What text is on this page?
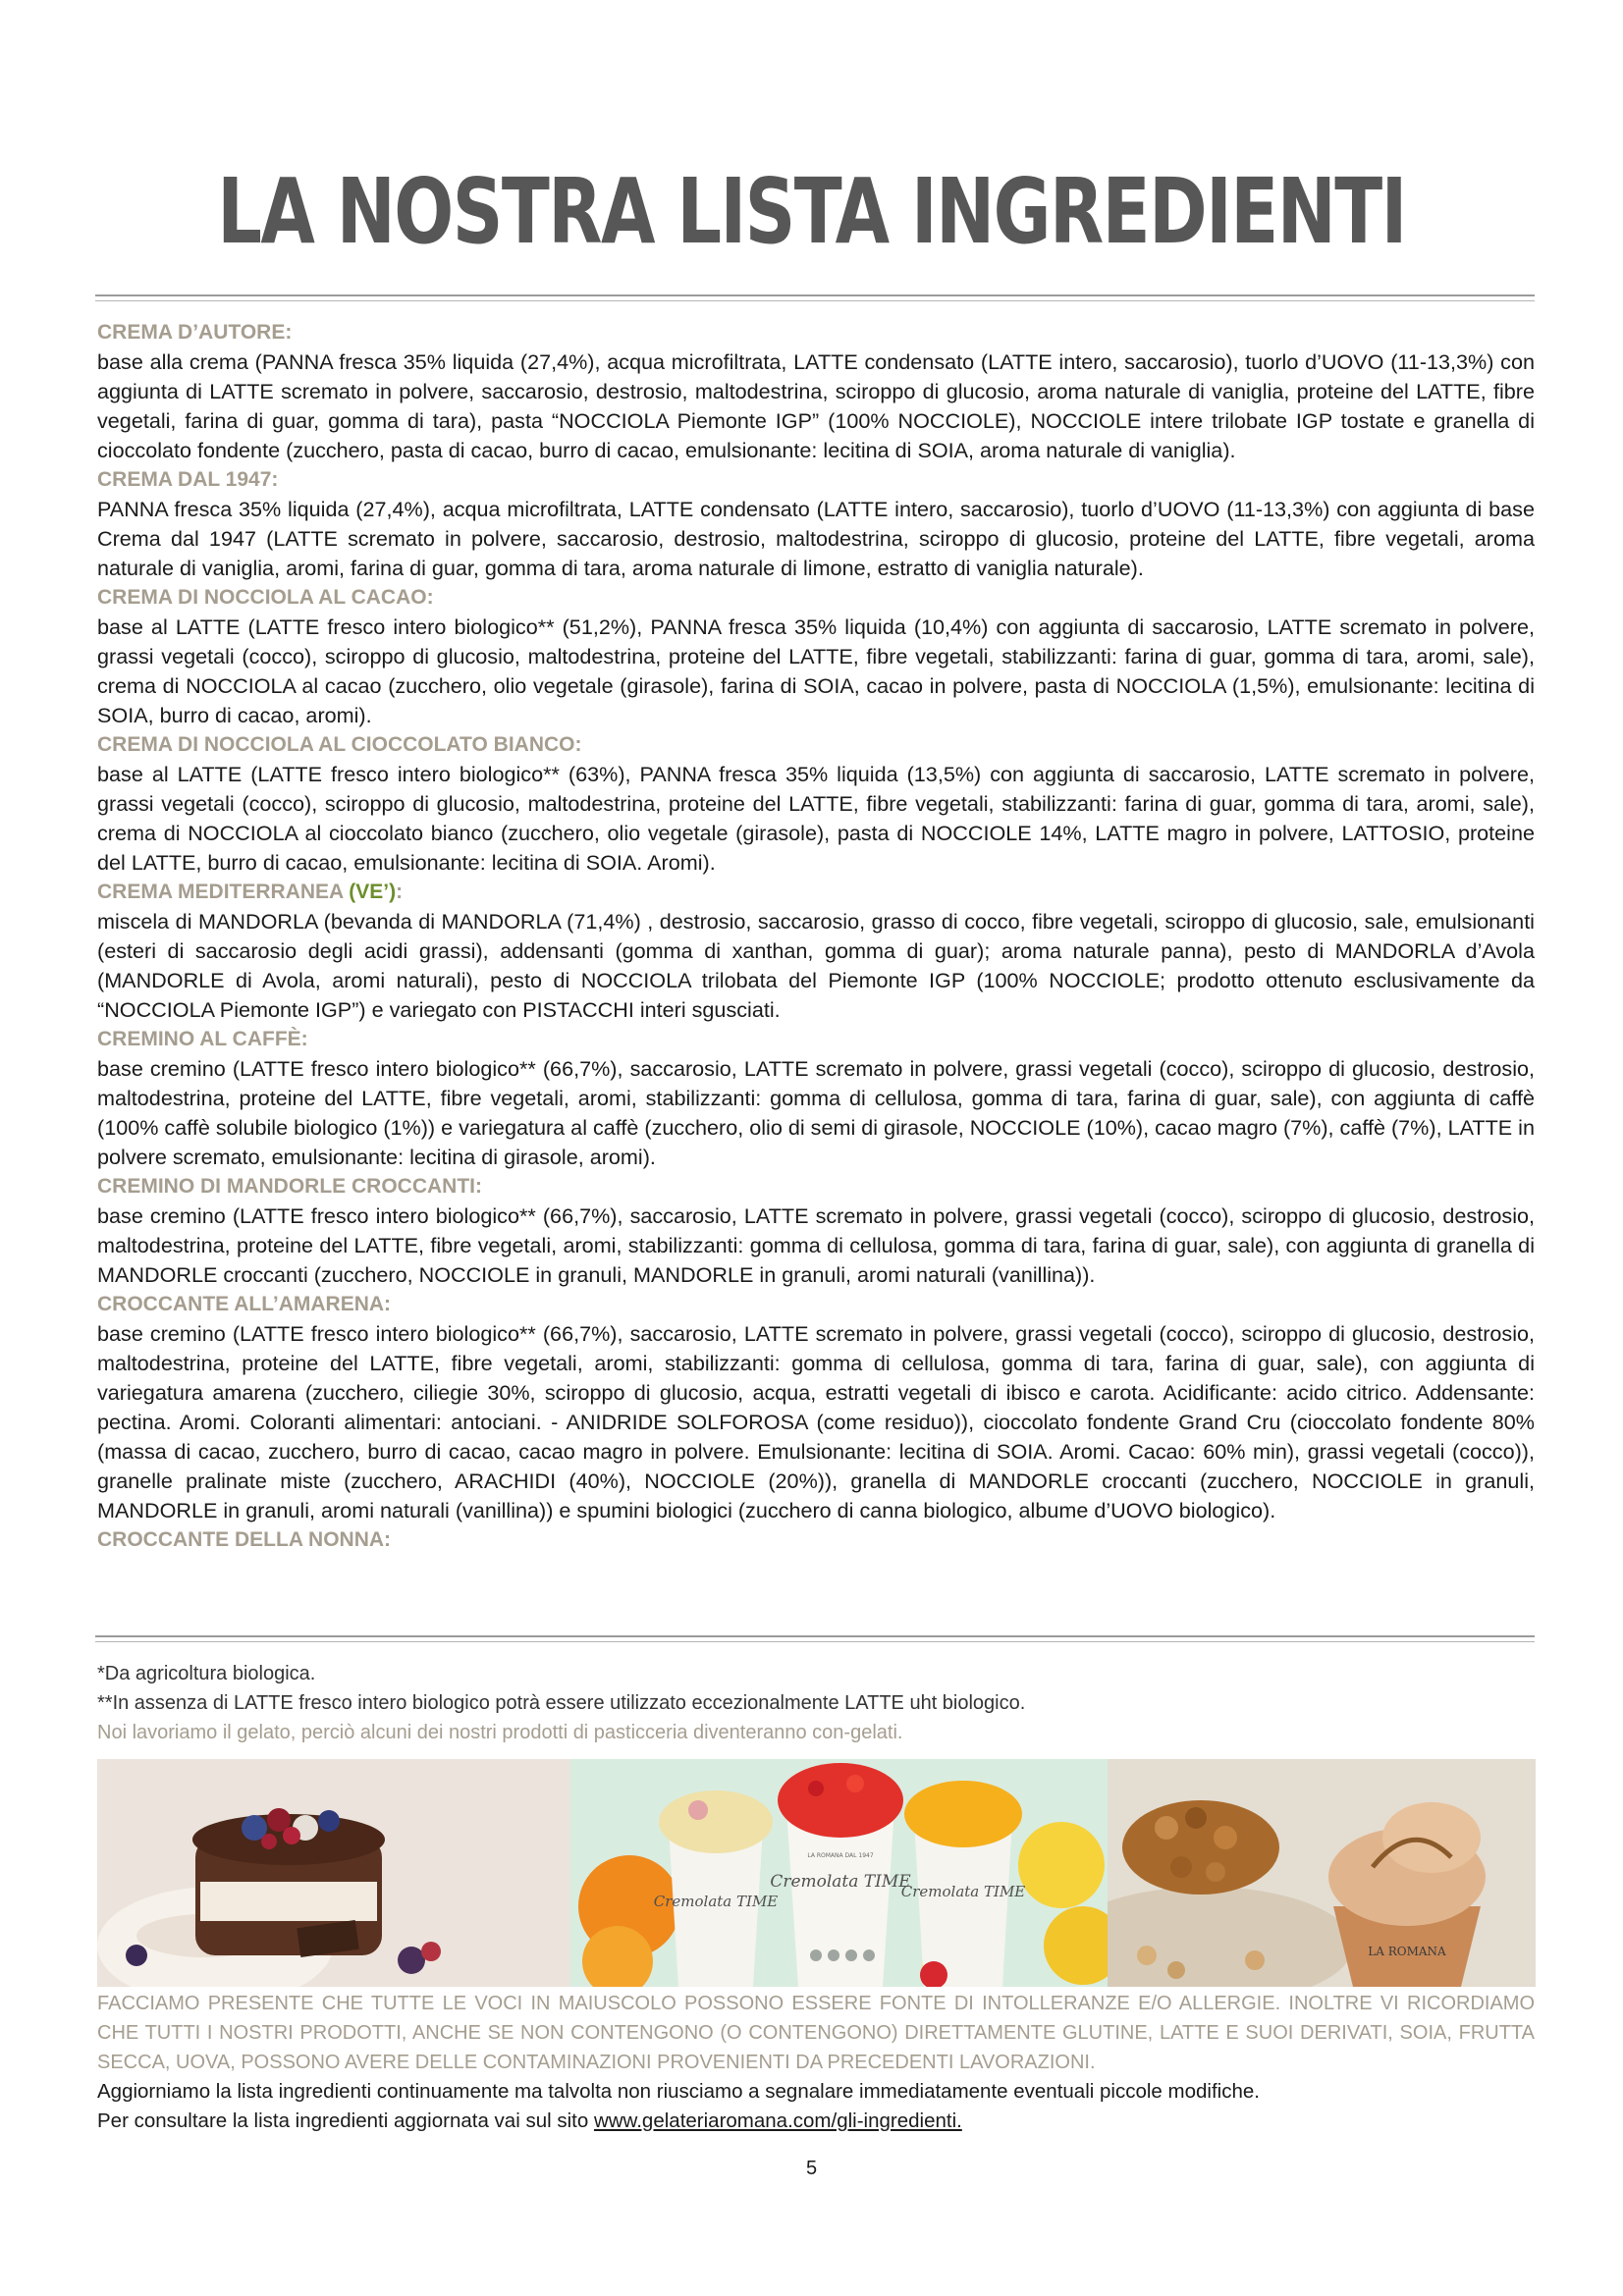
LA NOSTRA LISTA INGREDIENTI

CREMA D’AUTORE:

base alla crema (PANNA fresca 35% liquida (27,4%), acqua microfiltrata, LATTE condensato (LATTE intero, saccarosio), tuorlo d’UOVO (11-13,3%) con aggiunta di LATTE scremato in polvere, saccarosio, destrosio, maltodestrina, sciroppo di glucosio, aroma naturale di vaniglia, proteine del LATTE, fibre vegetali, farina di guar, gomma di tara), pasta “NOCCIOLA Piemonte IGP” (100% NOCCIOLE), NOCCIOLE intere trilobate IGP tostate e granella di cioccolato fondente (zucchero, pasta di cacao, burro di cacao, emulsionante: lecitina di SOIA, aroma naturale di vaniglia).

CREMA DAL 1947:

PANNA fresca 35% liquida (27,4%), acqua microfiltrata, LATTE condensato (LATTE intero, saccarosio), tuorlo d’UOVO (11-13,3%) con aggiunta di base Crema dal 1947 (LATTE scremato in polvere, saccarosio, destrosio, maltodestrina, sciroppo di glucosio, proteine del LATTE, fibre vegetali, aroma naturale di vaniglia, aromi, farina di guar, gomma di tara, aroma naturale di limone, estratto di vaniglia naturale).

CREMA DI NOCCIOLA AL CACAO:

base al LATTE (LATTE fresco intero biologico** (51,2%), PANNA fresca 35% liquida (10,4%) con aggiunta di saccarosio, LATTE scremato in polvere, grassi vegetali (cocco), sciroppo di glucosio, maltodestrina, proteine del LATTE, fibre vegetali, stabilizzanti: farina di guar, gomma di tara, aromi, sale), crema di NOCCIOLA al cacao (zucchero, olio vegetale (girasole), farina di SOIA, cacao in polvere, pasta di NOCCIOLA (1,5%), emulsionante: lecitina di SOIA, burro di cacao, aromi).

CREMA DI NOCCIOLA AL CIOCCOLATO BIANCO:

base al LATTE (LATTE fresco intero biologico** (63%), PANNA fresca 35% liquida (13,5%) con aggiunta di saccarosio, LATTE scremato in polvere, grassi vegetali (cocco), sciroppo di glucosio, maltodestrina, proteine del LATTE, fibre vegetali, stabilizzanti: farina di guar, gomma di tara, aromi, sale), crema di NOCCIOLA al cioccolato bianco (zucchero, olio vegetale (girasole), pasta di NOCCIOLE 14%, LATTE magro in polvere, LATTOSIO, proteine del LATTE, burro di cacao, emulsionante: lecitina di SOIA. Aromi).

CREMA MEDITERRANEA (VE’):

miscela di MANDORLA (bevanda di MANDORLA (71,4%) , destrosio, saccarosio, grasso di cocco, fibre vegetali, sciroppo di glucosio, sale, emulsionanti (esteri di saccarosio degli acidi grassi), addensanti (gomma di xanthan, gomma di guar); aroma naturale panna), pesto di MANDORLA d’Avola (MANDORLE di Avola, aromi naturali), pesto di NOCCIOLA trilobata del Piemonte IGP (100% NOCCIOLE; prodotto ottenuto esclusivamente da “NOCCIOLA Piemonte IGP”) e variegato con PISTACCHI interi sgusciati.

CREMINO AL CAFFÈ:

base cremino (LATTE fresco intero biologico** (66,7%), saccarosio, LATTE scremato in polvere, grassi vegetali (cocco), sciroppo di glucosio, destrosio, maltodestrina, proteine del LATTE, fibre vegetali, aromi, stabilizzanti: gomma di cellulosa, gomma di tara, farina di guar, sale), con aggiunta di caffè (100% caffè solubile biologico (1%)) e variegatura al caffè (zucchero, olio di semi di girasole, NOCCIOLE (10%), cacao magro (7%), caffè (7%), LATTE in polvere scremato, emulsionante: lecitina di girasole, aromi).

CREMINO DI MANDORLE CROCCANTI:

base cremino (LATTE fresco intero biologico** (66,7%), saccarosio, LATTE scremato in polvere, grassi vegetali (cocco), sciroppo di glucosio, destrosio, maltodestrina, proteine del LATTE, fibre vegetali, aromi, stabilizzanti: gomma di cellulosa, gomma di tara, farina di guar, sale), con aggiunta di granella di MANDORLE croccanti (zucchero, NOCCIOLE in granuli, MANDORLE in granuli, aromi naturali (vanillina)).

CROCCANTE ALL’AMARENA:

base cremino (LATTE fresco intero biologico** (66,7%), saccarosio, LATTE scremato in polvere, grassi vegetali (cocco), sciroppo di glucosio, destrosio, maltodestrina, proteine del LATTE, fibre vegetali, aromi, stabilizzanti: gomma di cellulosa, gomma di tara, farina di guar, sale), con aggiunta di variegatura amarena (zucchero, ciliegie 30%, sciroppo di glucosio, acqua, estratti vegetali di ibisco e carota. Acidificante: acido citrico. Addensante: pectina. Aromi. Coloranti alimentari: antociani. - ANIDRIDE SOLFOROSA (come residuo)), cioccolato fondente Grand Cru (cioccolato fondente 80% (massa di cacao, zucchero, burro di cacao, cacao magro in polvere. Emulsionante: lecitina di SOIA. Aromi. Cacao: 60% min), grassi vegetali (cocco)), granelle pralinate miste (zucchero, ARACHIDI (40%), NOCCIOLE (20%)), granella di MANDORLE croccanti (zucchero, NOCCIOLE in granuli, MANDORLE in granuli, aromi naturali (vanillina)) e spumini biologici (zucchero di canna biologico, albume d’UOVO biologico).

CROCCANTE DELLA NONNA:

*Da agricoltura biologica.

**In assenza di LATTE fresco intero biologico potrà essere utilizzato eccezionalmente LATTE uht biologico.

Noi lavoriamo il gelato, perciò alcuni dei nostri prodotti di pasticceria diventeranno con-gelati.

Cremolata TIME
Cremolata TIME
Cremolata TIME
LA ROMANA DAL 1947
LA ROMANA

FACCIAMO PRESENTE CHE TUTTE LE VOCI IN MAIUSCOLO POSSONO ESSERE FONTE DI INTOLLERANZE E/O ALLERGIE. INOLTRE VI RICORDIAMO CHE TUTTI I NOSTRI PRODOTTI, ANCHE SE NON CONTENGONO (O CONTENGONO) DIRETTAMENTE GLUTINE, LATTE E SUOI DERIVATI, SOIA, FRUTTA SECCA, UOVA, POSSONO AVERE DELLE CONTAMINAZIONI PROVENIENTI DA PRECEDENTI LAVORAZIONI.

Aggiorniamo la lista ingredienti continuamente ma talvolta non riusciamo a segnalare immediatamente eventuali piccole modifiche.

Per consultare la lista ingredienti aggiornata vai sul sito www.gelateriaromana.com/gli-ingredienti.

5
